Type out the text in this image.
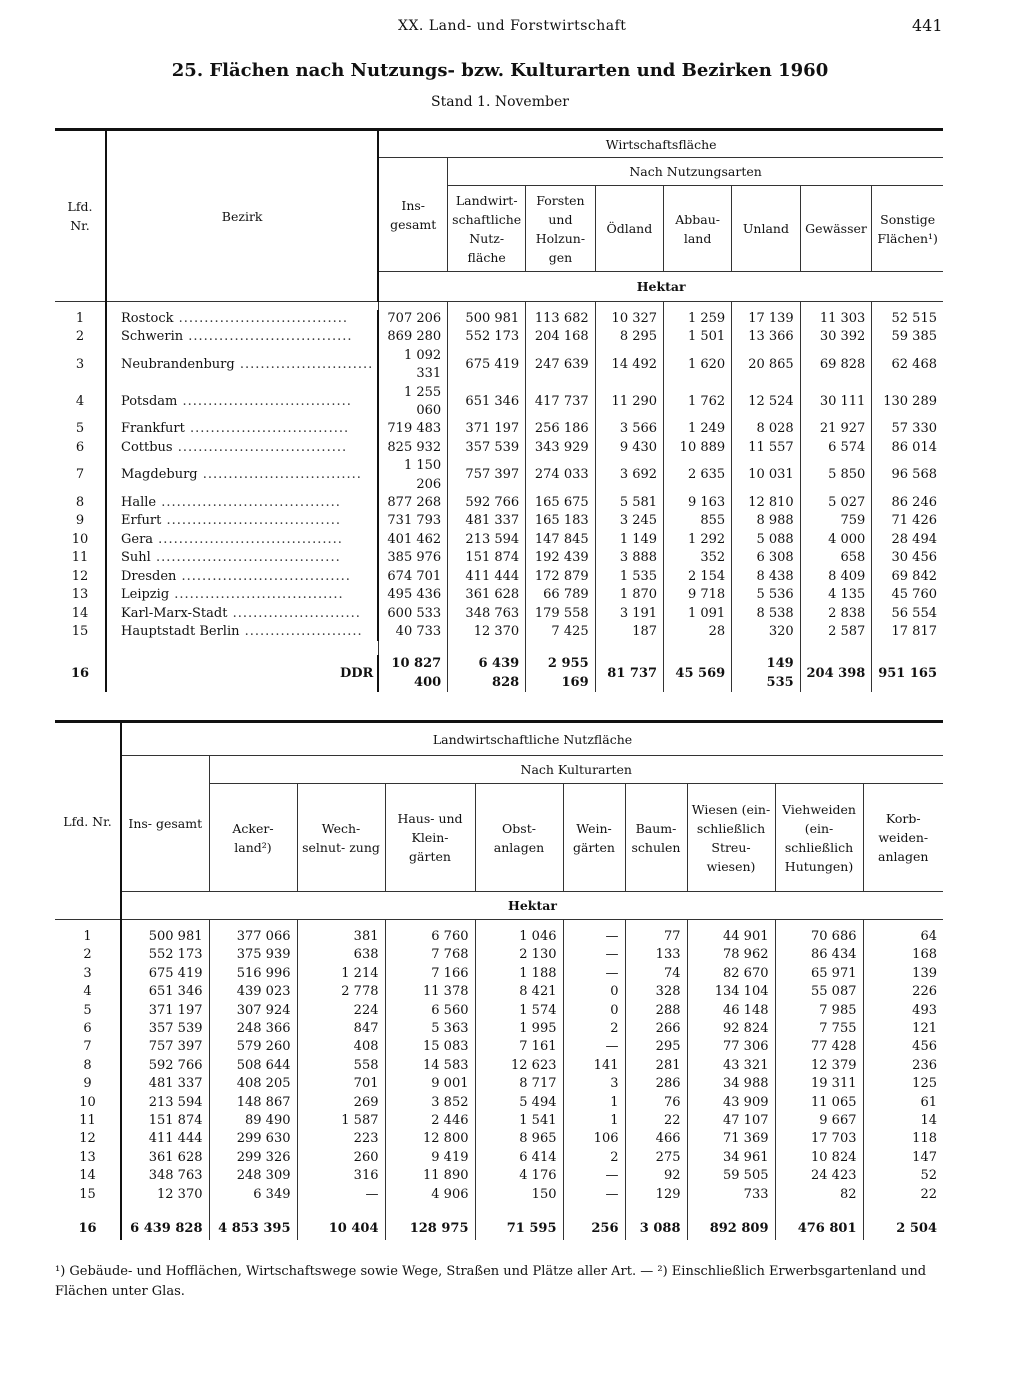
XX. Land- und Forstwirtschaft	441
25. Flächen nach Nutzungs- bzw. Kulturarten und Bezirken 1960
Stand 1. November
Lfd. Nr.	Bezirk	Wirtschaftsfläche							
		Ins- gesamt	Nach Nutzungsarten						
			Landwirt- schaftliche Nutz- fläche	Forsten und Holzun- gen	Ödland	Abbau- land	Unland	Gewässer	Sonstige Flächen¹)
		Hektar							

1	Rostock .................................	707 206	500 981	113 682	10 327	1 259	17 139	11 303	52 515
2	Schwerin ................................	869 280	552 173	204 168	8 295	1 501	13 366	30 392	59 385
3	Neubrandenburg ..........................	1 092 331	675 419	247 639	14 492	1 620	20 865	69 828	62 468
4	Potsdam .................................	1 255 060	651 346	417 737	11 290	1 762	12 524	30 111	130 289
5	Frankfurt ...............................	719 483	371 197	256 186	3 566	1 249	8 028	21 927	57 330
6	Cottbus .................................	825 932	357 539	343 929	9 430	10 889	11 557	6 574	86 014
7	Magdeburg ...............................	1 150 206	757 397	274 033	3 692	2 635	10 031	5 850	96 568
8	Halle ...................................	877 268	592 766	165 675	5 581	9 163	12 810	5 027	86 246
9	Erfurt ..................................	731 793	481 337	165 183	3 245	855	8 988	759	71 426
10	Gera ....................................	401 462	213 594	147 845	1 149	1 292	5 088	4 000	28 494
11	Suhl ....................................	385 976	151 874	192 439	3 888	352	6 308	658	30 456
12	Dresden .................................	674 701	411 444	172 879	1 535	2 154	8 438	8 409	69 842
13	Leipzig .................................	495 436	361 628	66 789	1 870	9 718	5 536	4 135	45 760
14	Karl-Marx-Stadt .........................	600 533	348 763	179 558	3 191	1 091	8 538	2 838	56 554
15	Hauptstadt Berlin .......................	40 733	12 370	7 425	187	28	320	2 587	17 817

16	DDR	10 827 400	6 439 828	2 955 169	81 737	45 569	149 535	204 398	951 165
Lfd. Nr.	Landwirtschaftliche Nutzfläche									
	Ins- gesamt	Nach Kulturarten								
		Acker- land²)	Wech- selnut- zung	Haus- und Klein- gärten	Obst- anlagen	Wein- gärten	Baum- schulen	Wiesen (ein- schließlich Streu- wiesen)	Viehweiden (ein- schließlich Hutungen)	Korb- weiden- anlagen
	Hektar									

1	500 981	377 066	381	6 760	1 046	—	77	44 901	70 686	64
2	552 173	375 939	638	7 768	2 130	—	133	78 962	86 434	168
3	675 419	516 996	1 214	7 166	1 188	—	74	82 670	65 971	139
4	651 346	439 023	2 778	11 378	8 421	0	328	134 104	55 087	226
5	371 197	307 924	224	6 560	1 574	0	288	46 148	7 985	493
6	357 539	248 366	847	5 363	1 995	2	266	92 824	7 755	121
7	757 397	579 260	408	15 083	7 161	—	295	77 306	77 428	456
8	592 766	508 644	558	14 583	12 623	141	281	43 321	12 379	236
9	481 337	408 205	701	9 001	8 717	3	286	34 988	19 311	125
10	213 594	148 867	269	3 852	5 494	1	76	43 909	11 065	61
11	151 874	89 490	1 587	2 446	1 541	1	22	47 107	9 667	14
12	411 444	299 630	223	12 800	8 965	106	466	71 369	17 703	118
13	361 628	299 326	260	9 419	6 414	2	275	34 961	10 824	147
14	348 763	248 309	316	11 890	4 176	—	92	59 505	24 423	52
15	12 370	6 349	—	4 906	150	—	129	733	82	22

16	6 439 828	4 853 395	10 404	128 975	71 595	256	3 088	892 809	476 801	2 504
¹) Gebäude- und Hofflächen, Wirtschaftswege sowie Wege, Straßen und Plätze aller Art. — ²) Einschließlich Erwerbsgartenland und Flächen unter Glas.
